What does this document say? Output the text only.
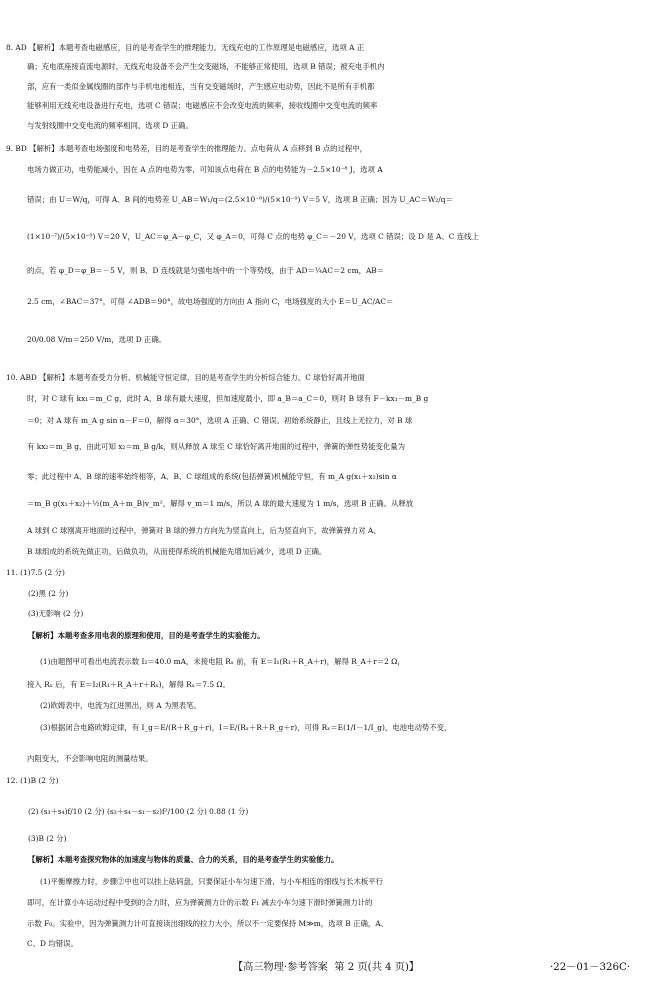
8. AD 【解析】本题考查电磁感应，目的是考查学生的推理能力。无线充电的工作原理是电磁感应，选项 A 正
确；充电底座接直流电源时，无线充电设备不会产生交变磁场，不能够正常使用，选项 B 错误；被充电手机内
部，应有一类似金属线圈的部件与手机电池相连，当有交变磁场时，产生感应电动势，因此不是所有手机都
能够利用无线充电设备进行充电，选项 C 错误；电磁感应不会改变电流的频率，接收线圈中交变电流的频率
与发射线圈中交变电流的频率相同，选项 D 正确。
9. BD 【解析】本题考查电场强度和电势差，目的是考查学生的推理能力。点电荷从 A 点移到 B 点的过程中，
电场力做正功，电势能减小，因在 A 点的电势为零，可知该点电荷在 B 点的电势能为－2.5×10⁻⁸ J，选项 A
错误；由 U＝W/q，可得 A、B 间的电势差 U_AB＝W₁/q＝(2.5×10⁻⁸)/(5×10⁻⁹) V＝5 V，选项 B 正确；因为 U_AC＝W₂/q＝
(1×10⁻⁷)/(5×10⁻⁹) V＝20 V，U_AC＝φ_A－φ_C，又 φ_A＝0，可得 C 点的电势 φ_C＝－20 V，选项 C 错误；设 D 是 A、C 连线上
的点，若 φ_D＝φ_B＝－5 V，则 B、D 连线就是匀强电场中的一个等势线，由于 AD＝¼AC＝2 cm，AB＝
2.5 cm，∠BAC＝37°，可得 ∠ADB＝90°，故电场强度的方向由 A 指向 C，电场强度的大小 E＝U_AC/AC＝
20/0.08 V/m＝250 V/m，选项 D 正确。
10. ABD 【解析】本题考查受力分析、机械能守恒定律，目的是考查学生的分析综合能力。C 球恰好离开地面
时，对 C 球有 kx₁＝m_C g，此时 A、B 球有最大速度，但加速度最小，即 a_B＝a_C＝0，则对 B 球有 F－kx₁－m_B g
＝0；对 A 球有 m_A g sin α－F＝0，解得 α＝30°，选项 A 正确、C 错误。初始系统静止，且线上无拉力，对 B 球
有 kx₂＝m_B g，由此可知 x₂＝m_B g/k，则从释放 A 球至 C 球恰好离开地面的过程中，弹簧的弹性势能变化量为
零；此过程中 A、B 球的速率始终相等，A、B、C 球组成的系统(包括弹簧)机械能守恒，有 m_A g(x₁＋x₂)sin α
＝m_B g(x₁＋x₂)＋½(m_A＋m_B)v_m²，解得 v_m＝1 m/s，所以 A 球的最大速度为 1 m/s，选项 B 正确。从释放
A 球到 C 球刚离开地面的过程中，弹簧对 B 球的弹力方向先为竖直向上，后为竖直向下，故弹簧弹力对 A、
B 球组成的系统先做正功，后做负功，从而使得系统的机械能先增加后减少，选项 D 正确。
11. (1)7.5 (2 分)
(2)黑 (2 分)
(3)无影响 (2 分)
【解析】本题考查多用电表的原理和使用，目的是考查学生的实验能力。
(1)由题图甲可看出电流表示数 I₂＝40.0 mA，未接电阻 Rₓ 前，有 E＝I₁(R₁＋R_A＋r)，解得 R_A＋r＝2 Ω，
接入 Rₓ 后，有 E＝I₂(R₁＋R_A＋r＋Rₓ)，解得 Rₓ＝7.5 Ω。
(2)欧姆表中，电流为红进黑出，则 A 为黑表笔。
(3)根据闭合电路欧姆定律，有 I_g＝E/(R＋R_g＋r)，I＝E/(Rₓ＋R＋R_g＋r)，可得 Rₓ＝E(1/I－1/I_g)，电池电动势不变，
内阻变大，不会影响电阻的测量结果。
12. (1)B (2 分)
(2) (s₃＋s₄)f/10 (2 分) (s₃＋s₄－s₁－s₂)f²/100 (2 分) 0.88 (1 分)
(3)B (2 分)
【解析】本题考查探究物体的加速度与物体的质量、合力的关系，目的是考查学生的实验能力。
(1)平衡摩擦力时，步骤②中也可以挂上砝码盘，只要保证小车匀速下滑，与小车相连的细线与长木板平行
即可，在计算小车运动过程中受到的合力时，应为弹簧测力计的示数 F₁ 减去小车匀速下滑时弹簧测力计的
示数 F₀。实验中，因为弹簧测力计可直接读出细线的拉力大小，所以不一定要保持 M≫m，选项 B 正确，A、
C、D 均错误。
【高三物理·参考答案  第 2 页(共 4 页)】	·22－01－326C·
